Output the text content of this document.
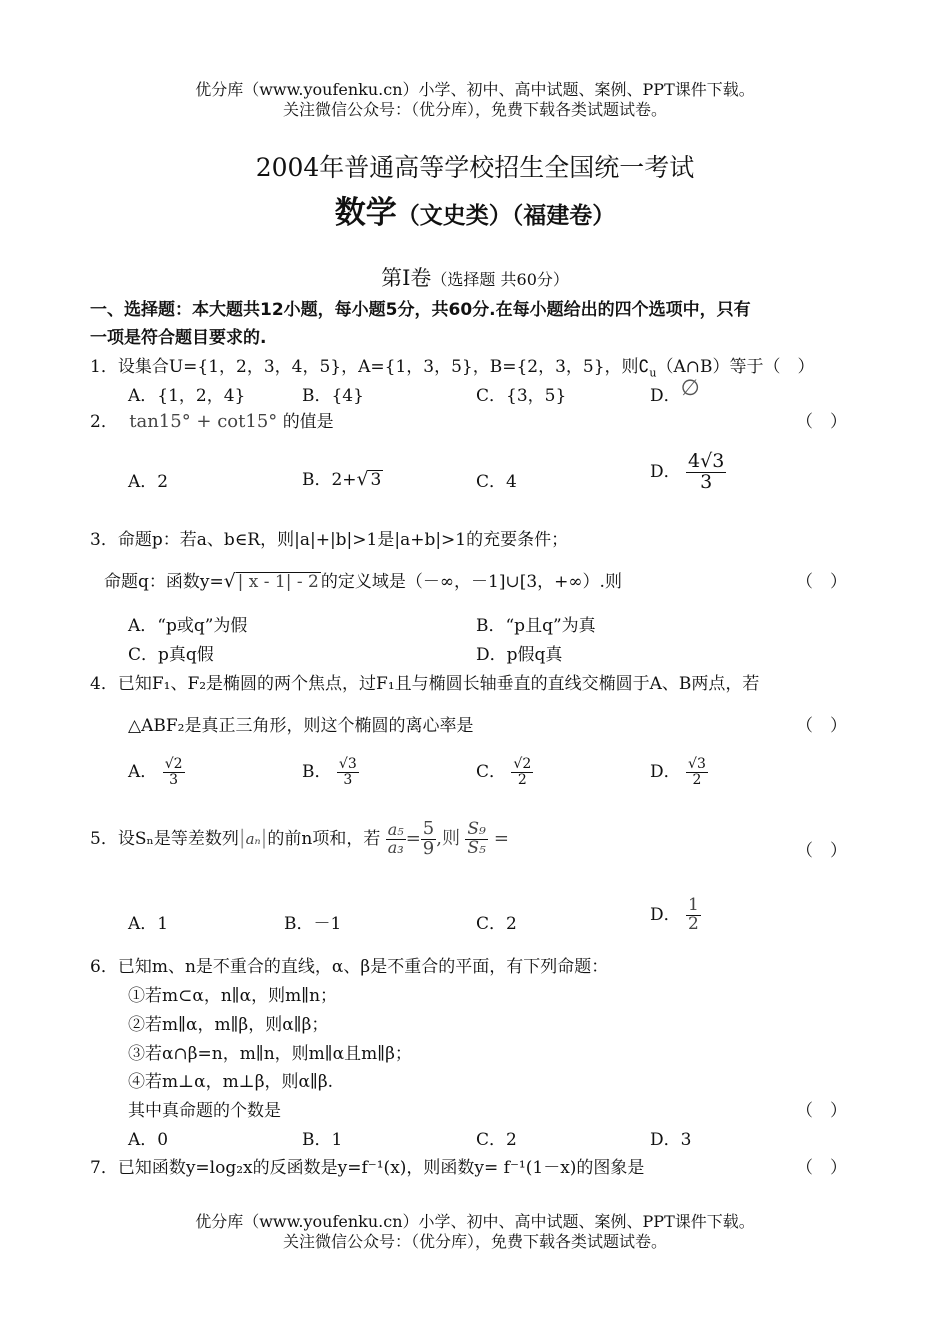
优分库（www.youfenku.cn）小学、初中、高中试题、案例、PPT课件下载。
关注微信公众号：（优分库），免费下载各类试题试卷。
2004年普通高等学校招生全国统一考试
数学（文史类）（福建卷）
第Ⅰ卷（选择题 共60分）
一、选择题：本大题共12小题，每小题5分，共60分.在每小题给出的四个选项中，只有
一项是符合题目要求的.
1．设集合U={1，2，3，4，5}，A={1，3，5}，B={2，3，5}，则$∁_u(A\cap B)$等于（　）
A．{1，2，4}	B．{4}	C．{3，5}	D．∅
2． tan15° + cot15° 的值是	（　）
A．2	B．2+√ 3	C．4
D． $\frac{4√3}{3}$
3．命题p：若a、b∈R，则|a|+|b|>1是|a+b|>1的充要条件；
命题q：函数y=√ | x - 1| - 2 的定义域是（－∞，－1]∪[3，+∞）.则	（　）
A．“p或q”为假	B．“p且q”为真
C．p真q假	D．p假q真
4．已知F₁、F₂是椭圆的两个焦点，过F₁且与椭圆长轴垂直的直线交椭圆于A、B两点，若
△ABF₂是真正三角形，则这个椭圆的离心率是	（　）
A． $\frac{√2}{3}$	B． $\frac{√3}{3}$	C． $\frac{√2}{2}$	D． $\frac{√3}{2}$
5．设Sₙ是等差数列|aₙ|的前n项和，若 $\frac{\text{a₅}}{\text{a₃}} = \frac{5}{9}$ ,则 $\frac{\text{S₉}}{\text{S₅}}$ =
（　）
A．1	B．－1	C．2	D． $\frac{1}{2}$
6．已知m、n是不重合的直线，α、β是不重合的平面，有下列命题：
①若m⊂α，n∥α，则m∥n；
②若m∥α，m∥β，则α∥β；
③若α∩β=n，m∥n，则m∥α且m∥β；
④若m⊥α，m⊥β，则α∥β.
其中真命题的个数是	（　）
A．0	B．1	C．2	D．3
7．已知函数y=log₂x的反函数是y=f⁻¹(x)，则函数y= f⁻¹(1－x)的图象是	（　）
优分库（www.youfenku.cn）小学、初中、高中试题、案例、PPT课件下载。
关注微信公众号：（优分库），免费下载各类试题试卷。
